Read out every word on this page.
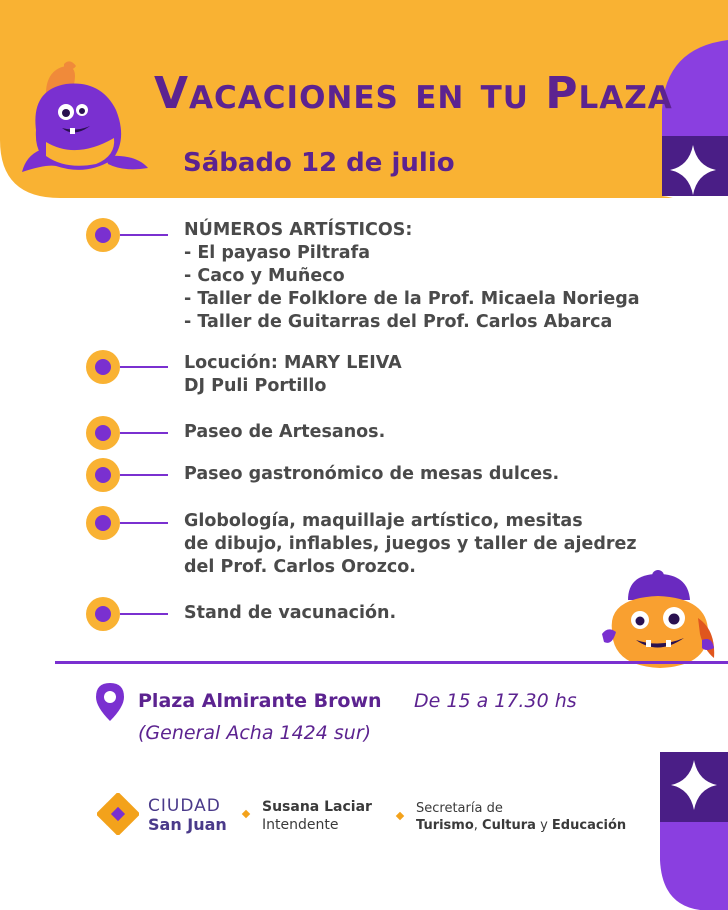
Vacaciones en tu Plaza
Sábado 12 de julio
NÚMEROS ARTÍSTICOS:
- El payaso Piltrafa
- Caco y Muñeco
- Taller de Folklore de la Prof. Micaela Noriega
- Taller de Guitarras del Prof. Carlos Abarca
Locución: MARY LEIVA
DJ Puli Portillo
Paseo de Artesanos.
Paseo gastronómico de mesas dulces.
Globología, maquillaje artístico, mesitas
de dibujo, inflables, juegos y taller de ajedrez
del Prof. Carlos Orozco.
Stand de vacunación.
Plaza Almirante Brown De 15 a 17.30 hs
(General Acha 1424 sur)
CIUDAD
San Juan
Susana Laciar
Intendente
Secretaría de
Turismo, Cultura y Educación
